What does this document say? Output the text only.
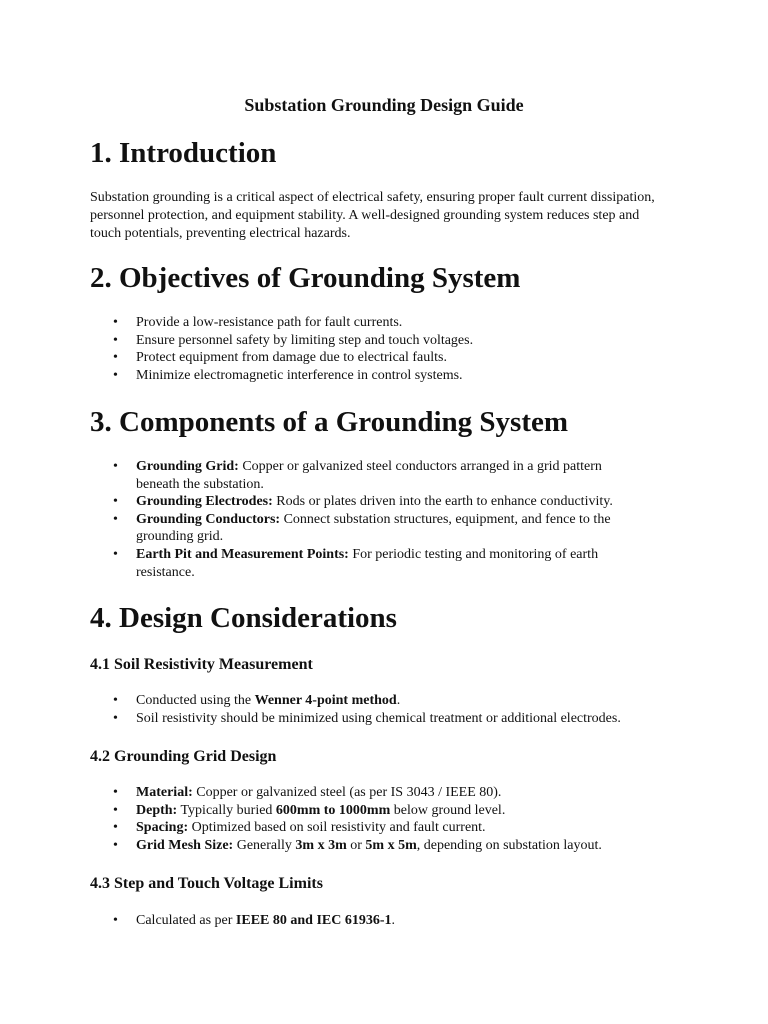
Substation Grounding Design Guide
1. Introduction

Substation grounding is a critical aspect of electrical safety, ensuring proper fault current dissipation, personnel protection, and equipment stability. A well-designed grounding system reduces step and touch potentials, preventing electrical hazards.

2. Objectives of Grounding System
• Provide a low-resistance path for fault currents.
• Ensure personnel safety by limiting step and touch voltages.
• Protect equipment from damage due to electrical faults.
• Minimize electromagnetic interference in control systems.
3. Components of a Grounding System
• Grounding Grid: Copper or galvanized steel conductors arranged in a grid pattern beneath the substation.
• Grounding Electrodes: Rods or plates driven into the earth to enhance conductivity.
• Grounding Conductors: Connect substation structures, equipment, and fence to the grounding grid.
• Earth Pit and Measurement Points: For periodic testing and monitoring of earth resistance.
4. Design Considerations
4.1 Soil Resistivity Measurement
• Conducted using the Wenner 4-point method.
• Soil resistivity should be minimized using chemical treatment or additional electrodes.
4.2 Grounding Grid Design
• Material: Copper or galvanized steel (as per IS 3043 / IEEE 80).
• Depth: Typically buried 600mm to 1000mm below ground level.
• Spacing: Optimized based on soil resistivity and fault current.
• Grid Mesh Size: Generally 3m x 3m or 5m x 5m, depending on substation layout.
4.3 Step and Touch Voltage Limits
• Calculated as per IEEE 80 and IEC 61936-1.
